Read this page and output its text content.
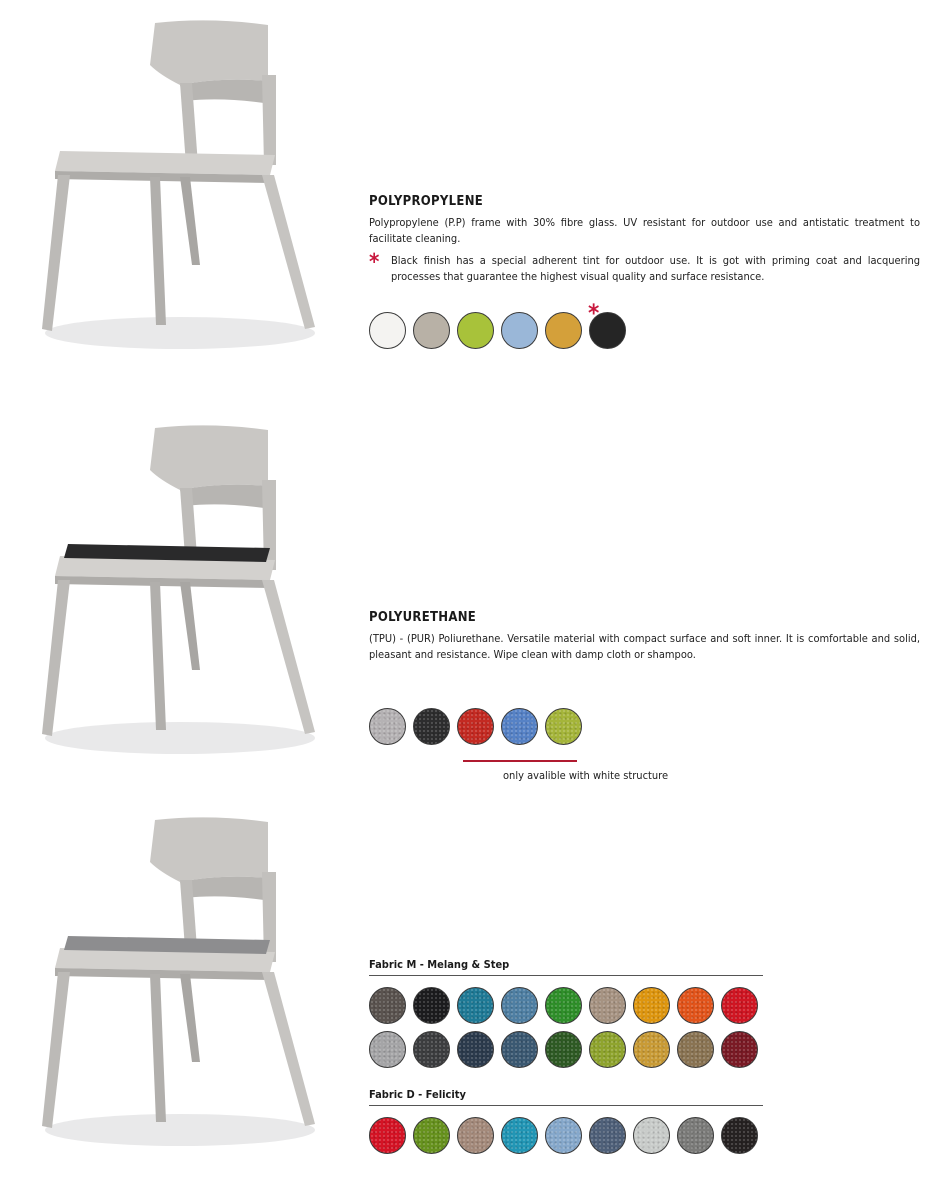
POLYPROPYLENE

Polypropylene (P.P) frame with 30% fibre glass. UV resistant for outdoor use and antistatic treatment to facilitate cleaning.

* Black finish has a special adherent tint for outdoor use. It is got with priming coat and lacquering processes that guarantee the highest visual quality and surface resistance.
*
POLYURETHANE

(TPU) - (PUR) Poliurethane. Versatile material with compact surface and soft inner. It is comfortable and solid, pleasant and resistance. Wipe clean with damp cloth or shampoo.

only avalible with white structure
Fabric M - Melang & Step
Fabric D - Felicity
